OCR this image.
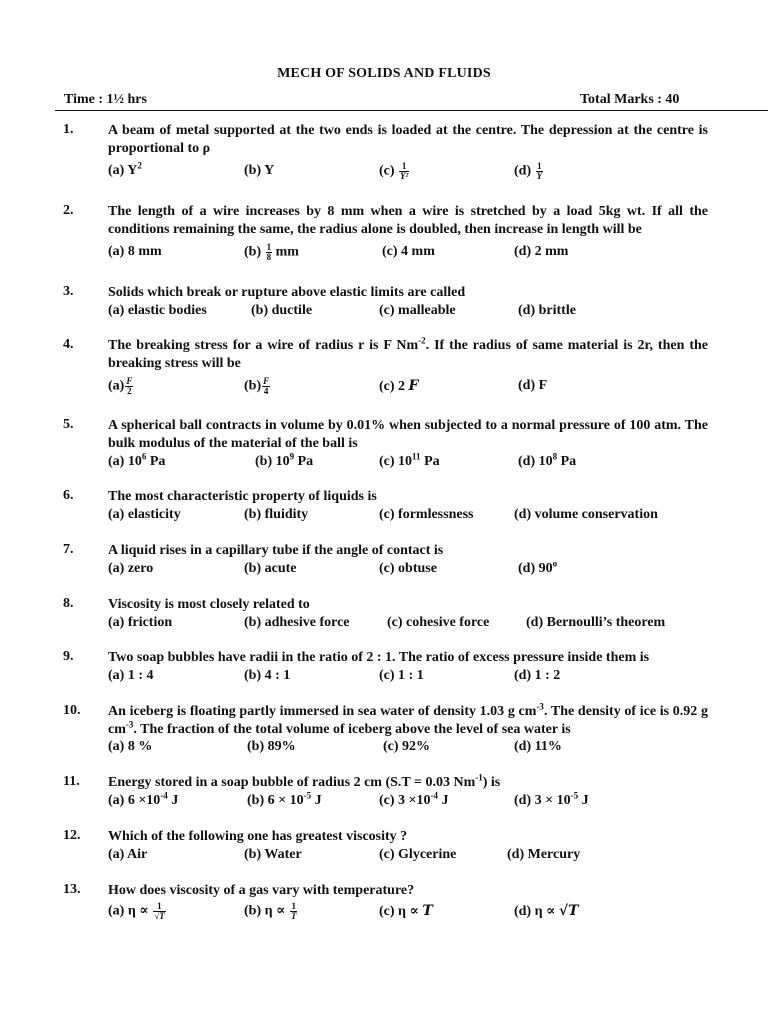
MECH OF SOLIDS AND FLUIDS
Time : 1½ hrs	Total Marks : 40
1. A beam of metal supported at the two ends is loaded at the centre. The depression at the centre is proportional to ρ
(a) $Y^2$	(b) Y	$(c) \frac{1}{\text{Y²}}$	$(d) \frac{1}{Y}$
2. The length of a wire increases by 8 mm when a wire is stretched by a load 5kg wt. If all the conditions remaining the same, the radius alone is doubled, then increase in length will be
(a) 8 mm	$(b) \frac{1}{8}$ mm	(c) 4 mm	(d) 2 mm
3. Solids which break or rupture above elastic limits are called
(a) elastic bodies	(b) ductile	(c) malleable	(d) brittle
4. The breaking stress for a wire of radius r is F $Nm^{-2}$. If the radius of same material is 2r, then the breaking stress will be
$(a) \frac{F}{2}$	$(b) \frac{F}{4}$	(c) 2 F	(d) F
5. A spherical ball contracts in volume by 0.01% when subjected to a normal pressure of 100 atm. The bulk modulus of the material of the ball is
(a) $10^6$ Pa	(b) $10^9$ Pa	(c) $10^{11}$ Pa	(d) $10^8$ Pa
6. The most characteristic property of liquids is
(a) elasticity	(b) fluidity	(c) formlessness	(d) volume conservation
7. A liquid rises in a capillary tube if the angle of contact is
(a) zero	(b) acute	(c) obtuse	(d) 90$^o$
8. Viscosity is most closely related to
(a) friction	(b) adhesive force	(c) cohesive force	(d) Bernoulli’s theorem
9. Two soap bubbles have radii in the ratio of 2 : 1. The ratio of excess pressure inside them is
(a) 1 : 4	(b) 4 : 1	(c) 1 : 1	(d) 1 : 2
10. An iceberg is floating partly immersed in sea water of density 1.03 g $cm^{-3}$. The density of ice is 0.92 g $cm^{-3}$. The fraction of the total volume of iceberg above the level of sea water is
(a) 8 %	(b) 89%	(c) 92%	(d) 11%
11. Energy stored in a soap bubble of radius 2 cm (S.T = 0.03 $Nm^{-1}$) is
(a) $6 \times 10^{-4}$ J	(b) $6 \times 10^{-5}$ J	(c) $3 \times 10^{-4}$ J	(d) $3 \times 10^{-5}$ J
12. Which of the following one has greatest viscosity ?
(a) Air	(b) Water	(c) Glycerine	(d) Mercury
13. How does viscosity of a gas vary with temperature?
(a) $\eta \propto \frac{1}{√T}$	(b) $\eta \propto \frac{1}{T}$	(c) η ∝ T	(d) η ∝ √T
